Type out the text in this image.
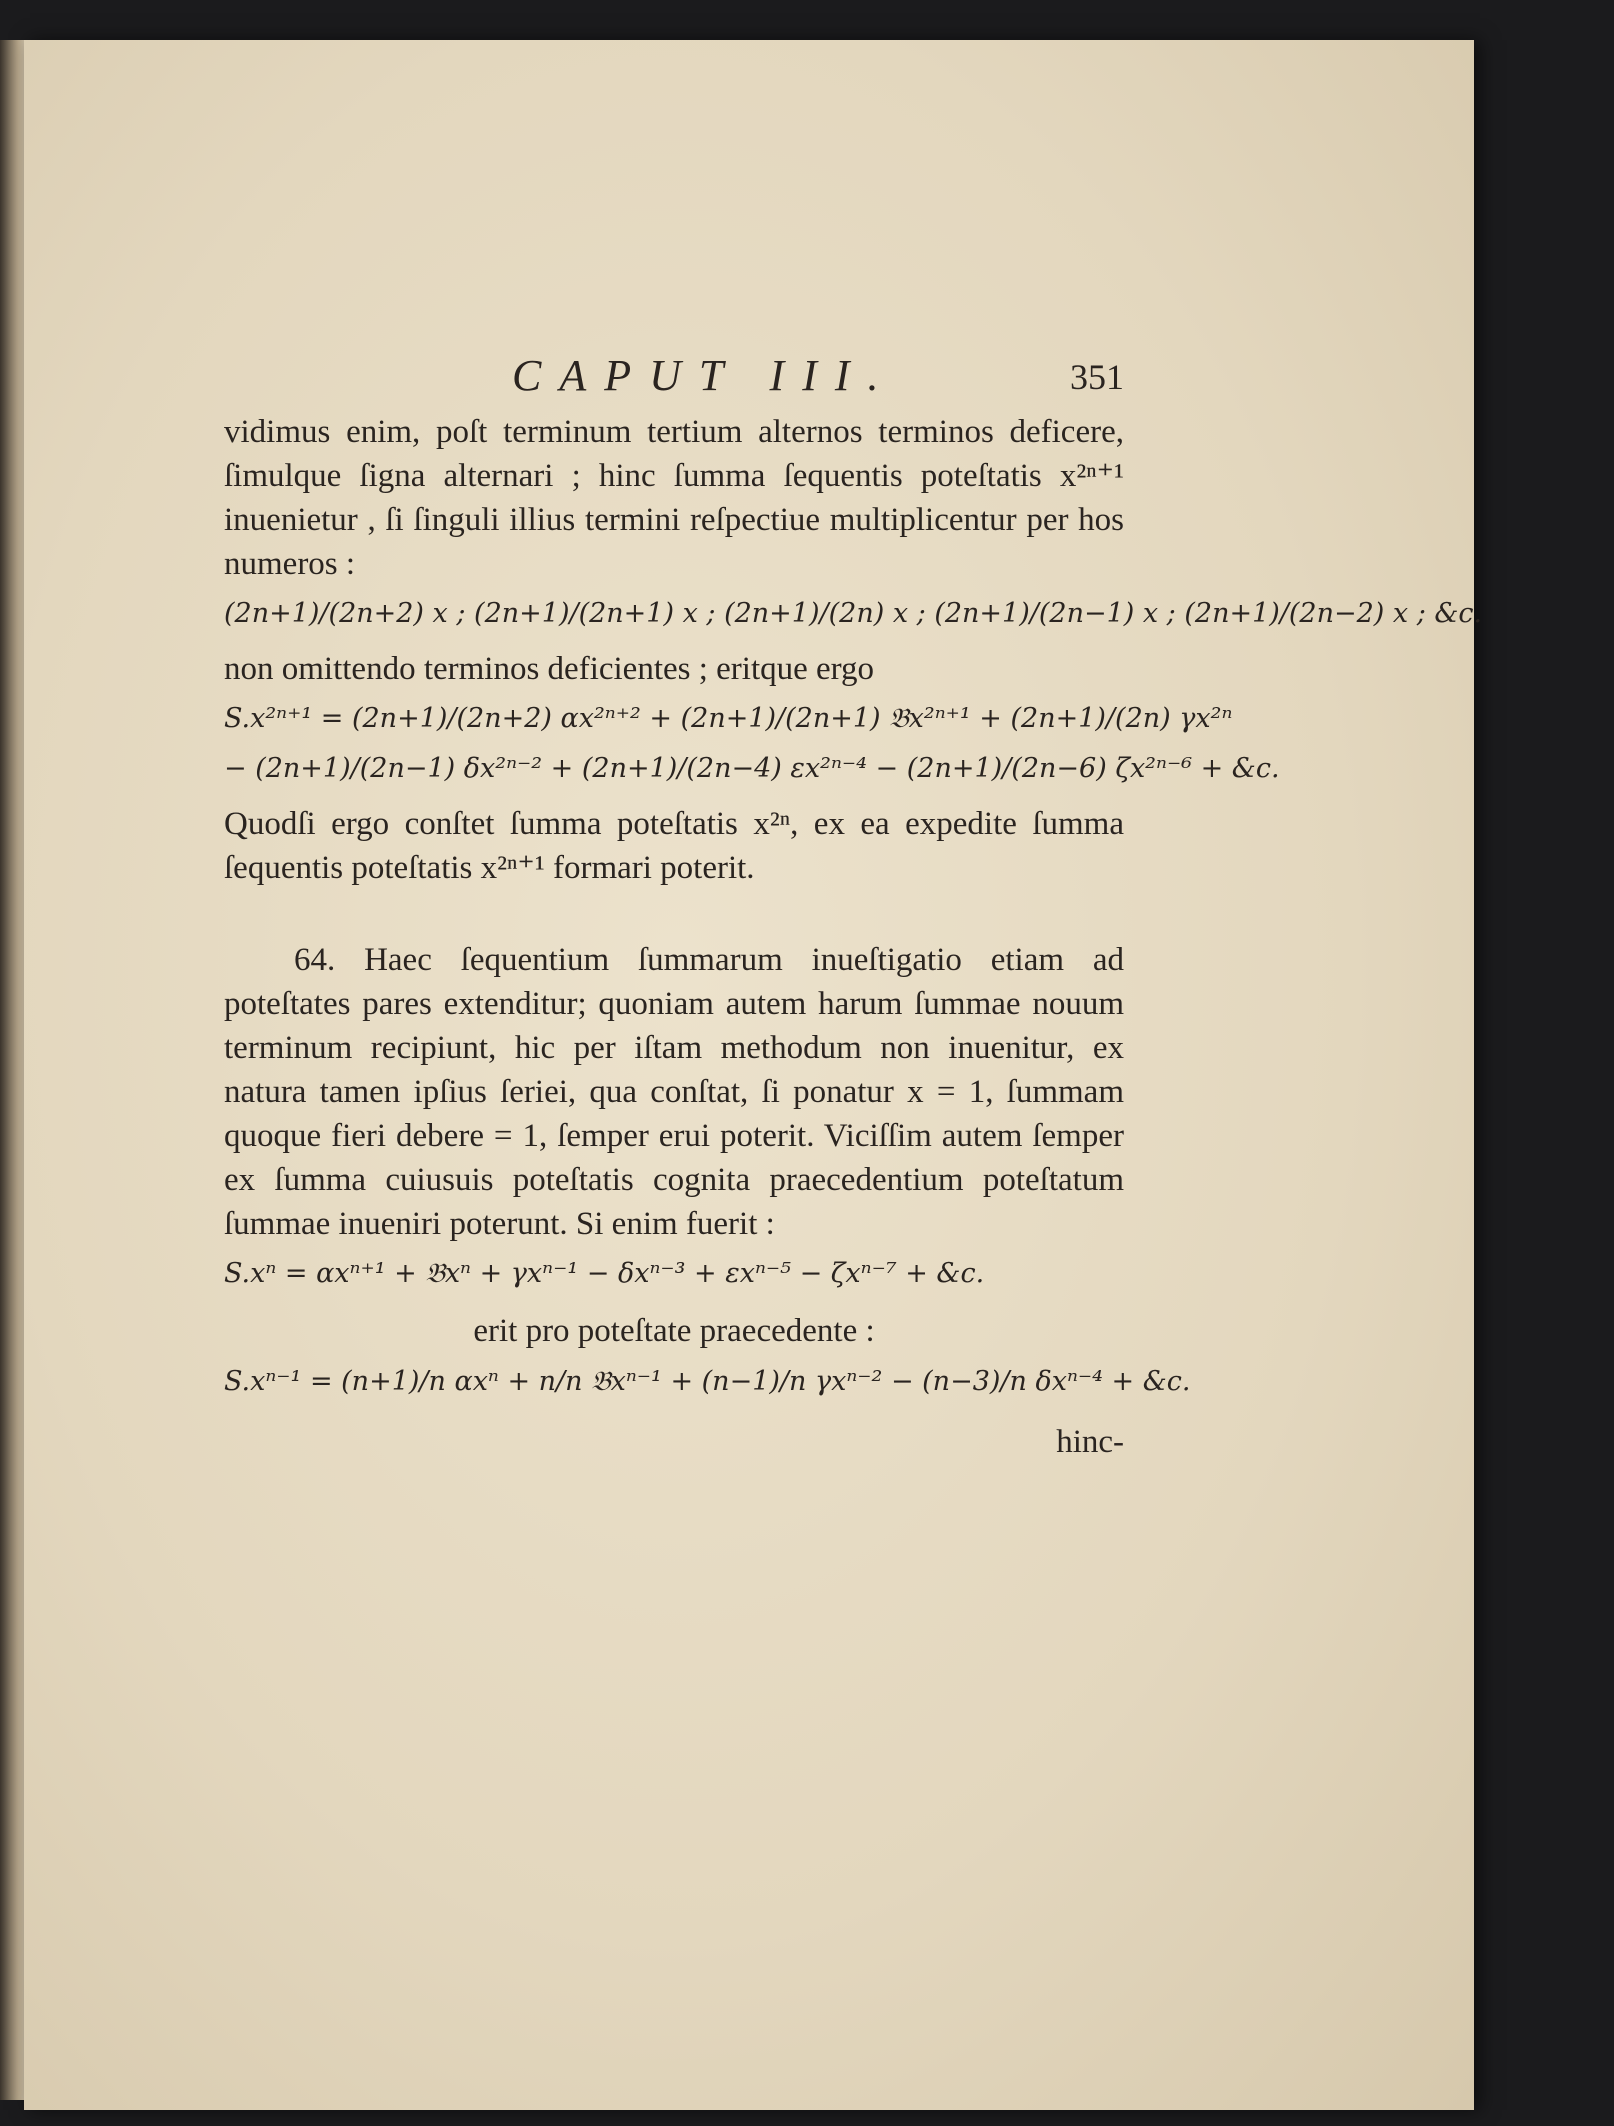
CAPUT III.	351

vidimus enim, poſt terminum tertium alternos terminos deficere, ſimulque ſigna alternari ; hinc ſumma ſequentis poteſtatis x²ⁿ⁺¹ inuenietur , ſi ſinguli illius termini reſpectiue multiplicentur per hos numeros :

(2n+1)/(2n+2) x ; (2n+1)/(2n+1) x ; (2n+1)/(2n) x ; (2n+1)/(2n−1) x ; (2n+1)/(2n−2) x ; &c.

non omittendo terminos deficientes ; eritque ergo

S.x²ⁿ⁺¹ = (2n+1)/(2n+2) αx²ⁿ⁺² + (2n+1)/(2n+1) 𝔅x²ⁿ⁺¹ + (2n+1)/(2n) γx²ⁿ
− (2n+1)/(2n−1) δx²ⁿ⁻² + (2n+1)/(2n−4) εx²ⁿ⁻⁴ − (2n+1)/(2n−6) ζx²ⁿ⁻⁶ + &c.

Quodſi ergo conſtet ſumma poteſtatis x²ⁿ, ex ea expedite ſumma ſequentis poteſtatis x²ⁿ⁺¹ formari poterit.

64. Haec ſequentium ſummarum inueſtigatio etiam ad poteſtates pares extenditur; quoniam autem harum ſummae nouum terminum recipiunt, hic per iſtam methodum non inuenitur, ex natura tamen ipſius ſeriei, qua conſtat, ſi ponatur x = 1, ſummam quoque fieri debere = 1, ſemper erui poterit. Viciſſim autem ſemper ex ſumma cuiusuis poteſtatis cognita praecedentium poteſtatum ſummae inueniri poterunt. Si enim fuerit :

S.xⁿ = αxⁿ⁺¹ + 𝔅xⁿ + γxⁿ⁻¹ − δxⁿ⁻³ + εxⁿ⁻⁵ − ζxⁿ⁻⁷ + &c.
erit pro poteſtate praecedente :
S.xⁿ⁻¹ = (n+1)/n αxⁿ + n/n 𝔅xⁿ⁻¹ + (n−1)/n γxⁿ⁻² − (n−3)/n δxⁿ⁻⁴ + &c.
hinc-
